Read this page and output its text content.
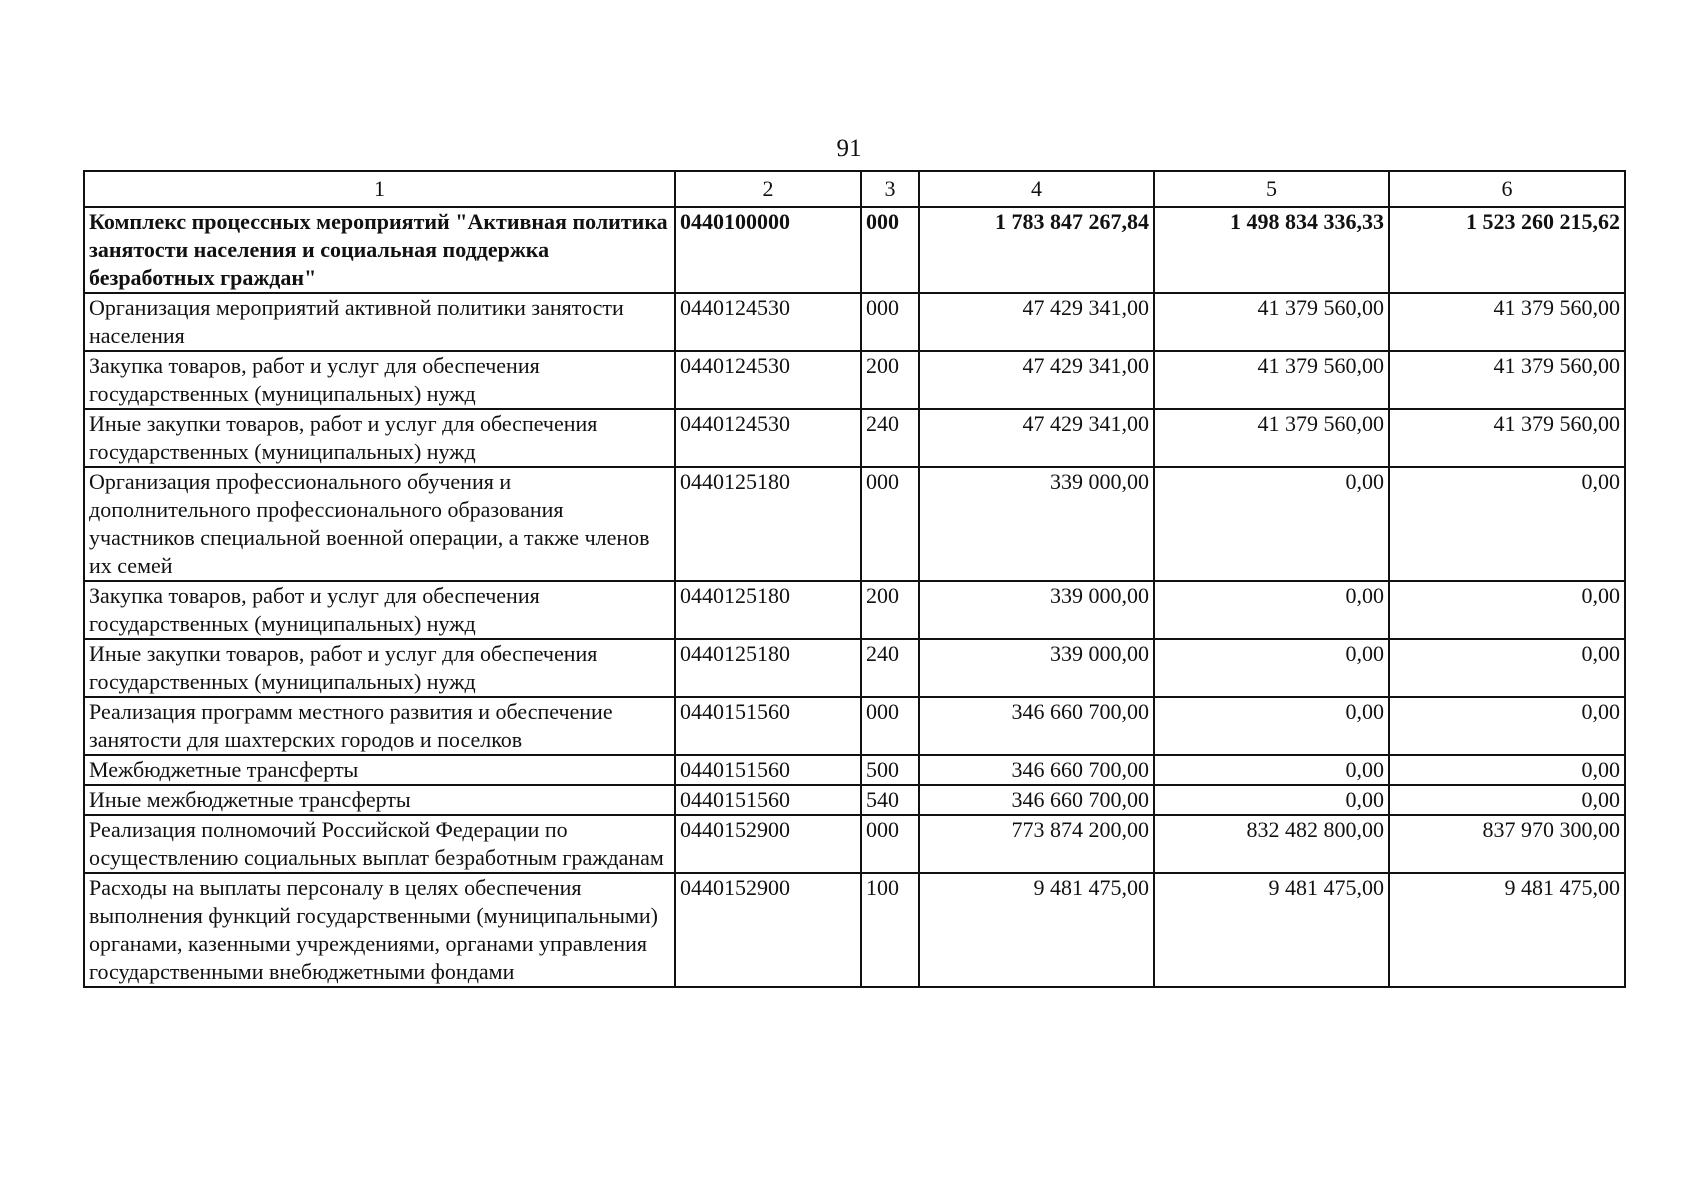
91
1	2	3	4	5	6
Комплекс процессных мероприятий "Активная политика занятости населения и социальная поддержка безработных граждан"	0440100000	000	1 783 847 267,84	1 498 834 336,33	1 523 260 215,62
Организация мероприятий активной политики занятости населения	0440124530	000	47 429 341,00	41 379 560,00	41 379 560,00
Закупка товаров, работ и услуг для обеспечения государственных (муниципальных) нужд	0440124530	200	47 429 341,00	41 379 560,00	41 379 560,00
Иные закупки товаров, работ и услуг для обеспечения государственных (муниципальных) нужд	0440124530	240	47 429 341,00	41 379 560,00	41 379 560,00
Организация профессионального обучения и дополнительного профессионального образования участников специальной военной операции, а также членов их семей	0440125180	000	339 000,00	0,00	0,00
Закупка товаров, работ и услуг для обеспечения государственных (муниципальных) нужд	0440125180	200	339 000,00	0,00	0,00
Иные закупки товаров, работ и услуг для обеспечения государственных (муниципальных) нужд	0440125180	240	339 000,00	0,00	0,00
Реализация программ местного развития и обеспечение занятости для шахтерских городов и поселков	0440151560	000	346 660 700,00	0,00	0,00
Межбюджетные трансферты	0440151560	500	346 660 700,00	0,00	0,00
Иные межбюджетные трансферты	0440151560	540	346 660 700,00	0,00	0,00
Реализация полномочий Российской Федерации по осуществлению социальных выплат безработным гражданам	0440152900	000	773 874 200,00	832 482 800,00	837 970 300,00
Расходы на выплаты персоналу в целях обеспечения выполнения функций государственными (муниципальными) органами, казенными учреждениями, органами управления государственными внебюджетными фондами	0440152900	100	9 481 475,00	9 481 475,00	9 481 475,00
